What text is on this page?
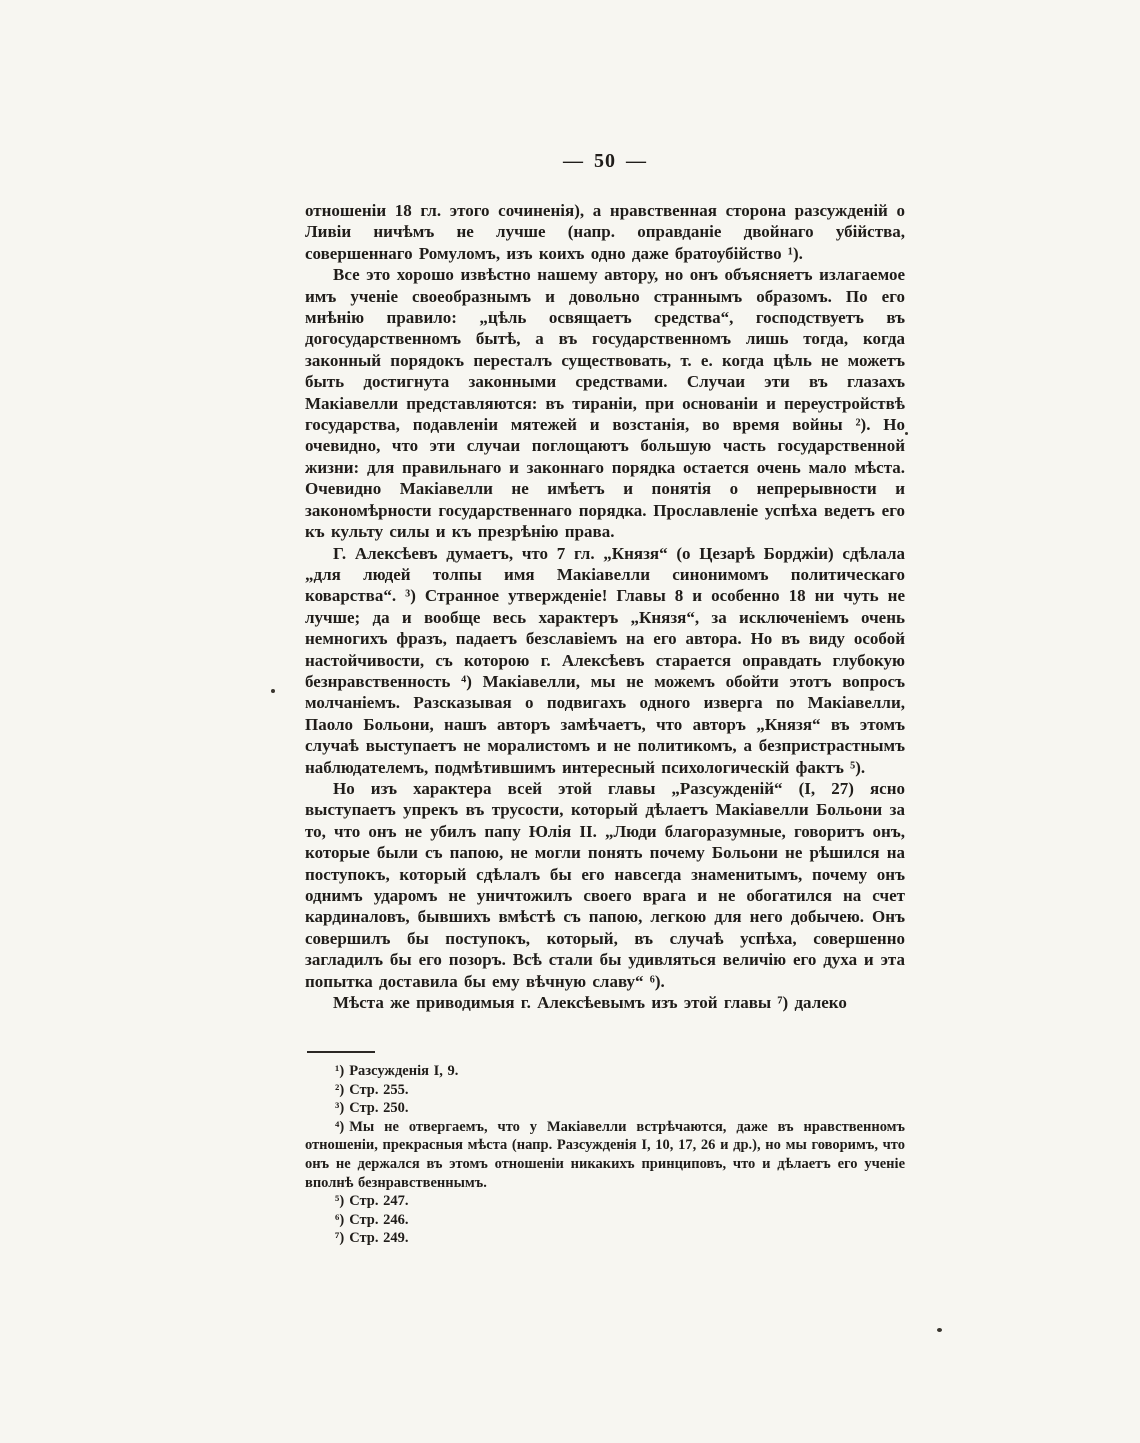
— 50 —

отношеніи 18 гл. этого сочиненія), а нравственная сторона разсужденій о Ливіи ничѣмъ не лучше (напр. оправданіе двойнаго убійства, совершеннаго Ромуломъ, изъ коихъ одно даже братоубійство ¹).

Все это хорошо извѣстно нашему автору, но онъ объясняетъ излагаемое имъ ученіе своеобразнымъ и довольно страннымъ образомъ. По его мнѣнію правило: „цѣль освящаетъ средства“, господствуетъ въ догосударственномъ бытѣ, а въ государственномъ лишь тогда, когда законный порядокъ пересталъ существовать, т. е. когда цѣль не можетъ быть достигнута законными средствами. Случаи эти въ глазахъ Макіавелли представляются: въ тираніи, при основаніи и переустройствѣ государства, подавленіи мятежей и возстанія, во время войны ²). Но очевидно, что эти случаи поглощаютъ большую часть государственной жизни: для правильнаго и законнаго порядка остается очень мало мѣста. Очевидно Макіавелли не имѣетъ и понятія о непрерывности и закономѣрности государственнаго порядка. Прославленіе успѣха ведетъ его къ культу силы и къ презрѣнію права.

Г. Алексѣевъ думаетъ, что 7 гл. „Князя“ (о Цезарѣ Борджіи) сдѣлала „для людей толпы имя Макіавелли синонимомъ политическаго коварства“. ³) Странное утвержденіе! Главы 8 и особенно 18 ни чуть не лучше; да и вообще весь характеръ „Князя“, за исключеніемъ очень немногихъ фразъ, падаетъ безславіемъ на его автора. Но въ виду особой настойчивости, съ которою г. Алексѣевъ старается оправдать глубокую безнравственность ⁴) Макіавелли, мы не можемъ обойти этотъ вопросъ молчаніемъ. Разсказывая о подвигахъ одного изверга по Макіавелли, Паоло Больони, нашъ авторъ замѣчаетъ, что авторъ „Князя“ въ этомъ случаѣ выступаетъ не моралистомъ и не политикомъ, а безпристрастнымъ наблюдателемъ, подмѣтившимъ интересный психологическій фактъ ⁵).

Но изъ характера всей этой главы „Разсужденій“ (I, 27) ясно выступаетъ упрекъ въ трусости, который дѣлаетъ Макіавелли Больони за то, что онъ не убилъ папу Юлія II. „Люди благоразумные, говоритъ онъ, которые были съ папою, не могли понять почему Больони не рѣшился на поступокъ, который сдѣлалъ бы его навсегда знаменитымъ, почему онъ однимъ ударомъ не уничтожилъ своего врага и не обогатился на счет кардиналовъ, бывшихъ вмѣстѣ съ папою, легкою для него добычею. Онъ совершилъ бы поступокъ, который, въ случаѣ успѣха, совершенно загладилъ бы его позоръ. Всѣ стали бы удивляться величію его духа и эта попытка доставила бы ему вѣчную славу“ ⁶).

Мѣста же приводимыя г. Алексѣевымъ изъ этой главы ⁷) далеко

¹) Разсужденія I, 9.

²) Стр. 255.

³) Стр. 250.

⁴) Мы не отвергаемъ, что у Макіавелли встрѣчаются, даже въ нравственномъ отношеніи, прекрасныя мѣста (напр. Разсужденія I, 10, 17, 26 и др.), но мы говоримъ, что онъ не держался въ этомъ отношеніи никакихъ принциповъ, что и дѣлаетъ его ученіе вполнѣ безнравственнымъ.

⁵) Стр. 247.

⁶) Стр. 246.

⁷) Стр. 249.
